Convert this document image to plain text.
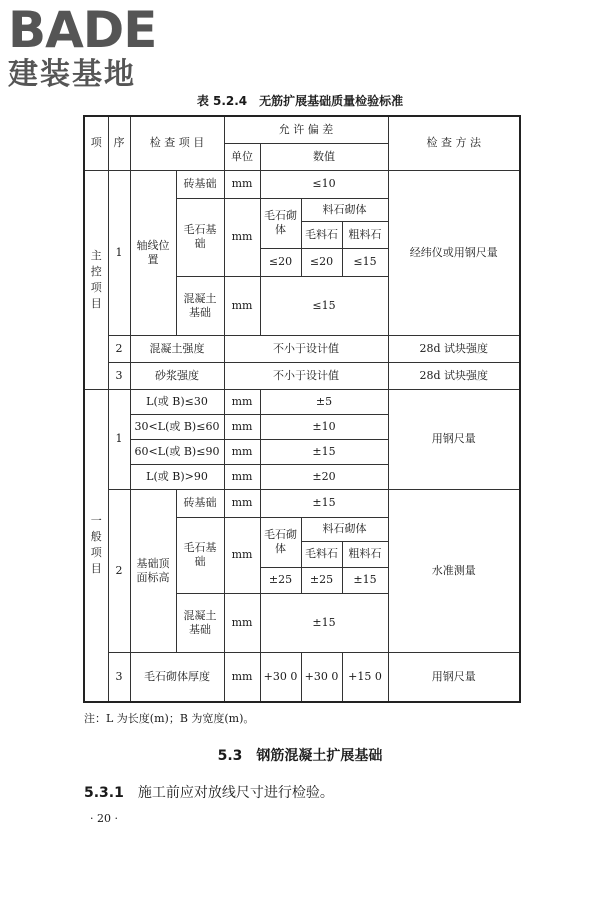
BADE
建装基地
表 5.2.4　无筋扩展基础质量检验标准
项	序	检 查 项 目		允 许 偏 差				检 查 方 法
				单位	数值			

主控项目	1	轴线位置	砖基础	mm	≤10			经纬仪或用钢尺量
			毛石基础	mm	毛石砌体	料石砌体		
						毛料石	粗料石	
					≤20	≤20	≤15	
			混凝土基础	mm	≤15			

	2	混凝土强度		不小于设计值				28d 试块强度
	3	砂浆强度		不小于设计值				28d 试块强度

一般项目	1	L(或 B)≤30		mm	±5			用钢尺量
		30<L(或 B)≤60		mm	±10			
		60<L(或 B)≤90		mm	±15			
		L(或 B)>90		mm	±20			
	2	基础顶面标高	砖基础	mm	±15			水准测量
			毛石基础	mm	毛石砌体	料石砌体		
						毛料石	粗料石	
					±25	±25	±15	
			混凝土基础	mm	±15			

	3	毛石砌体厚度		mm	+30 0	+30 0	+15 0	用钢尺量
注：L 为长度(m)；B 为宽度(m)。
5.3　钢筋混凝土扩展基础
5.3.1 施工前应对放线尺寸进行检验。
· 20 ·
